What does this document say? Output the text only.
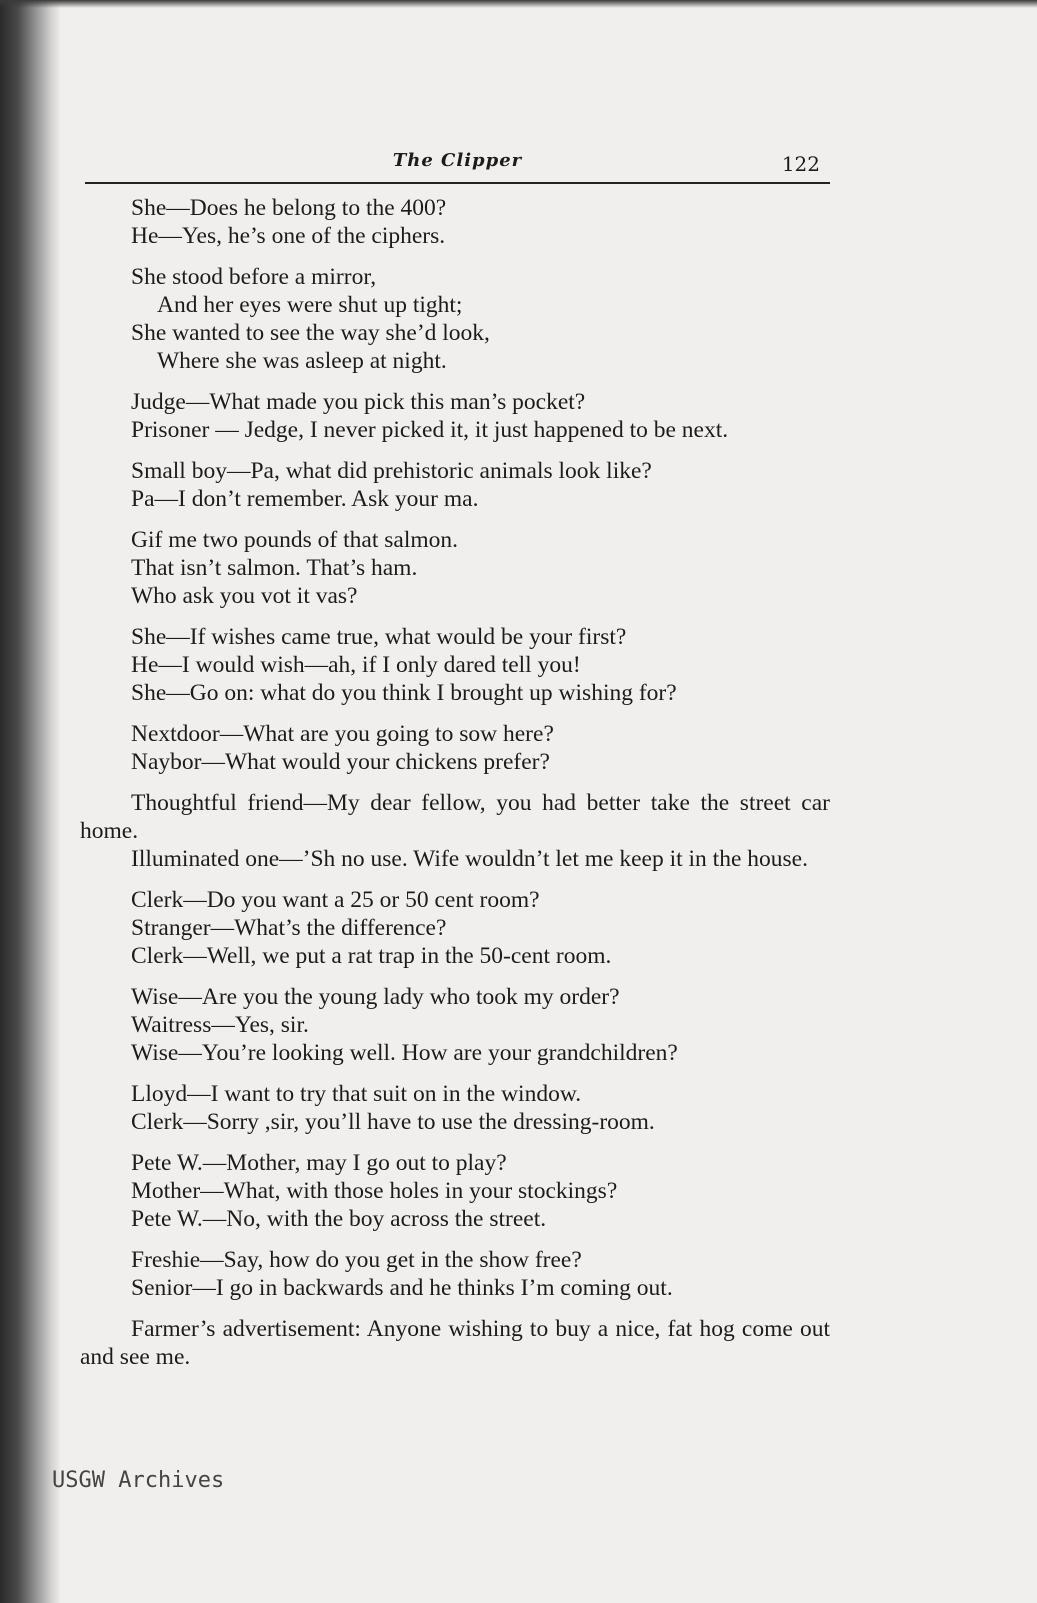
The Clipper	122
She—Does he belong to the 400?
He—Yes, he’s one of the ciphers.
She stood before a mirror,
And her eyes were shut up tight;
She wanted to see the way she’d look,
Where she was asleep at night.
Judge—What made you pick this man’s pocket?
Prisoner — Jedge, I never picked it, it just happened to be next.
Small boy—Pa, what did prehistoric animals look like?
Pa—I don’t remember. Ask your ma.
Gif me two pounds of that salmon.
That isn’t salmon. That’s ham.
Who ask you vot it vas?
She—If wishes came true, what would be your first?
He—I would wish—ah, if I only dared tell you!
She—Go on: what do you think I brought up wishing for?
Nextdoor—What are you going to sow here?
Naybor—What would your chickens prefer?
Thoughtful friend—My dear fellow, you had better take the street car home.
Illuminated one—’Sh no use. Wife wouldn’t let me keep it in the house.
Clerk—Do you want a 25 or 50 cent room?
Stranger—What’s the difference?
Clerk—Well, we put a rat trap in the 50-cent room.
Wise—Are you the young lady who took my order?
Waitress—Yes, sir.
Wise—You’re looking well. How are your grandchildren?
Lloyd—I want to try that suit on in the window.
Clerk—Sorry ,sir, you’ll have to use the dressing-room.
Pete W.—Mother, may I go out to play?
Mother—What, with those holes in your stockings?
Pete W.—No, with the boy across the street.
Freshie—Say, how do you get in the show free?
Senior—I go in backwards and he thinks I’m coming out.
Farmer’s advertisement: Anyone wishing to buy a nice, fat hog come out and see me.
USGW Archives
